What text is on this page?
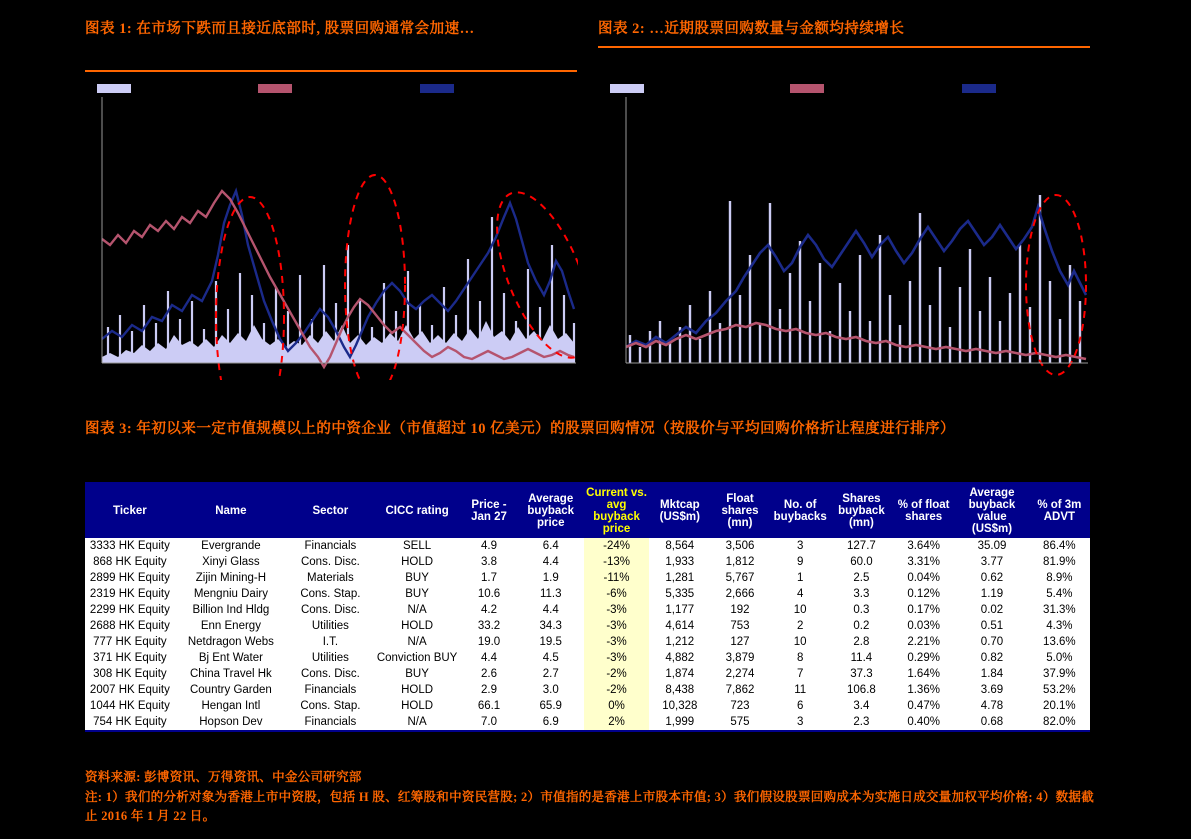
图表 1: 在市场下跌而且接近底部时, 股票回购通常会加速…	图表 2: …近期股票回购数量与金额均持续增长
图表 3: 年初以来一定市值规模以上的中资企业（市值超过 10 亿美元）的股票回购情况（按股价与平均回购价格折让程度进行排序）
Ticker	Name	Sector	CICC rating	Price - Jan 27	Average buyback price	Current vs. avg buyback price	Mktcap (US$m)	Float shares (mn)	No. of buybacks	Shares buyback (mn)	% of float shares	Average buyback value (US$m)	% of 3m ADVT
3333 HK Equity	Evergrande	Financials	SELL	4.9	6.4	-24%	8,564	3,506	3	127.7	3.64%	35.09	86.4%
868 HK Equity	Xinyi Glass	Cons. Disc.	HOLD	3.8	4.4	-13%	1,933	1,812	9	60.0	3.31%	3.77	81.9%
2899 HK Equity	Zijin Mining-H	Materials	BUY	1.7	1.9	-11%	1,281	5,767	1	2.5	0.04%	0.62	8.9%
2319 HK Equity	Mengniu Dairy	Cons. Stap.	BUY	10.6	11.3	-6%	5,335	2,666	4	3.3	0.12%	1.19	5.4%
2299 HK Equity	Billion Ind Hldg	Cons. Disc.	N/A	4.2	4.4	-3%	1,177	192	10	0.3	0.17%	0.02	31.3%
2688 HK Equity	Enn Energy	Utilities	HOLD	33.2	34.3	-3%	4,614	753	2	0.2	0.03%	0.51	4.3%
777 HK Equity	Netdragon Webs	I.T.	N/A	19.0	19.5	-3%	1,212	127	10	2.8	2.21%	0.70	13.6%
371 HK Equity	Bj Ent Water	Utilities	Conviction BUY	4.4	4.5	-3%	4,882	3,879	8	11.4	0.29%	0.82	5.0%
308 HK Equity	China Travel Hk	Cons. Disc.	BUY	2.6	2.7	-2%	1,874	2,274	7	37.3	1.64%	1.84	37.9%
2007 HK Equity	Country Garden	Financials	HOLD	2.9	3.0	-2%	8,438	7,862	11	106.8	1.36%	3.69	53.2%
1044 HK Equity	Hengan Intl	Cons. Stap.	HOLD	66.1	65.9	0%	10,328	723	6	3.4	0.47%	4.78	20.1%
754 HK Equity	Hopson Dev	Financials	N/A	7.0	6.9	2%	1,999	575	3	2.3	0.40%	0.68	82.0%
资料来源: 彭博资讯、万得资讯、中金公司研究部
注: 1）我们的分析对象为香港上市中资股，包括 H 股、红筹股和中资民营股; 2）市值指的是香港上市股本市值; 3）我们假设股票回购成本为实施日成交量加权平均价格; 4）数据截止 2016 年 1 月 22 日。
